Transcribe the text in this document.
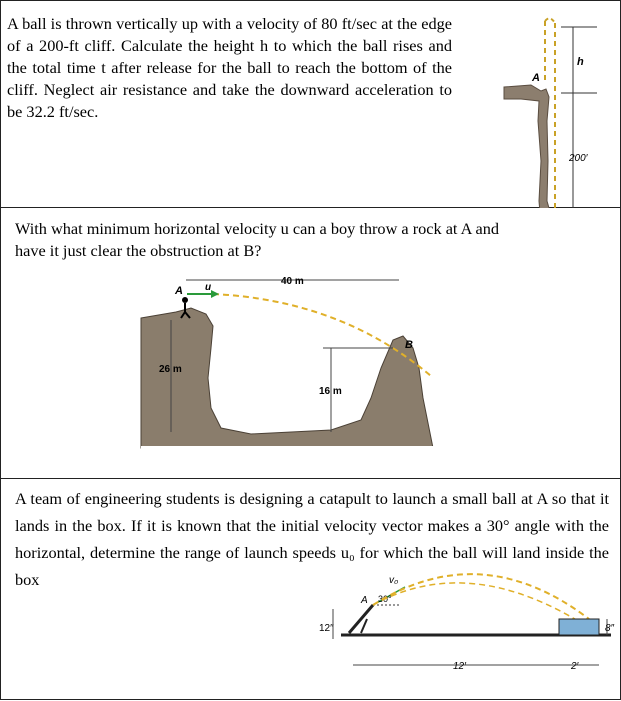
A ball is thrown vertically up with a velocity of 80 ft/sec at the edge of a 200-ft cliff. Calculate the height h to which the ball rises and the total time t after release for the ball to reach the bottom of the cliff. Neglect air resistance and take the downward acceleration to be 32.2 ft/sec.
h
A
200′
With what minimum horizontal velocity u can a boy throw a rock at A and have it just clear the obstruction at B?
40 m
A u
26 m
16 m
B
A team of engineering students is designing a catapult to launch a small ball at A so that it lands in the box. If it is known that the initial velocity vector makes a 30° angle with the horizontal, determine the range of launch speeds u₀ for which the ball will land inside the box	v₀
A 30°
12″
12′	2′
8″
